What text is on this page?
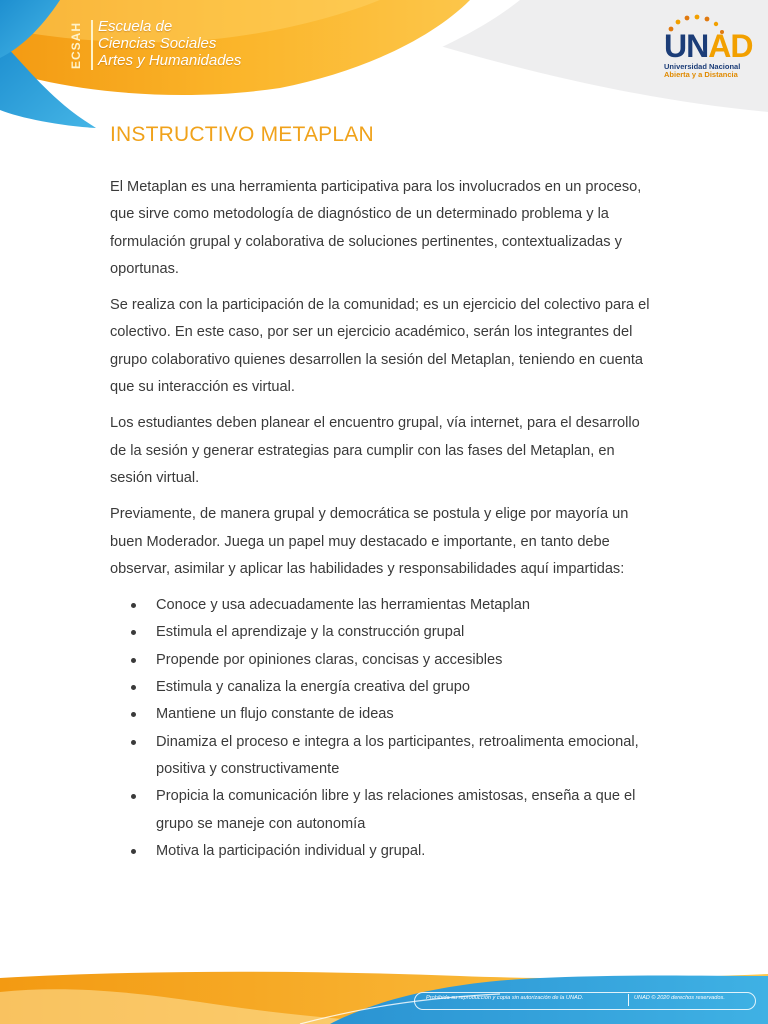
ECSAH	Escuela de
Ciencias Sociales
Artes y Humanidades	UNAD
Universidad Nacional
Abierta y a Distancia
INSTRUCTIVO METAPLAN

El Metaplan es una herramienta participativa para los involucrados en un proceso, que sirve como metodología de diagnóstico de un determinado problema y la formulación grupal y colaborativa de soluciones pertinentes, contextualizadas y oportunas.

Se realiza con la participación de la comunidad; es un ejercicio del colectivo para el colectivo. En este caso, por ser un ejercicio académico, serán los integrantes del grupo colaborativo quienes desarrollen la sesión del Metaplan, teniendo en cuenta que su interacción es virtual.

Los estudiantes deben planear el encuentro grupal, vía internet, para el desarrollo de la sesión y generar estrategias para cumplir con las fases del Metaplan, en sesión virtual.

Previamente, de manera grupal y democrática se postula y elige por mayoría un buen Moderador. Juega un papel muy destacado e importante, en tanto debe observar, asimilar y aplicar las habilidades y responsabilidades aquí impartidas:

Conoce y usa adecuadamente las herramientas Metaplan
Estimula el aprendizaje y la construcción grupal
Propende por opiniones claras, concisas y accesibles
Estimula y canaliza la energía creativa del grupo
Mantiene un flujo constante de ideas
Dinamiza el proceso e integra a los participantes, retroalimenta emocional, positiva y constructivamente
Propicia la comunicación libre y las relaciones amistosas, enseña a que el grupo se maneje con autonomía
Motiva la participación individual y grupal.
Prohibida su reproducción y copia sin autorización de la UNAD.	UNAD © 2020 derechos reservados.
